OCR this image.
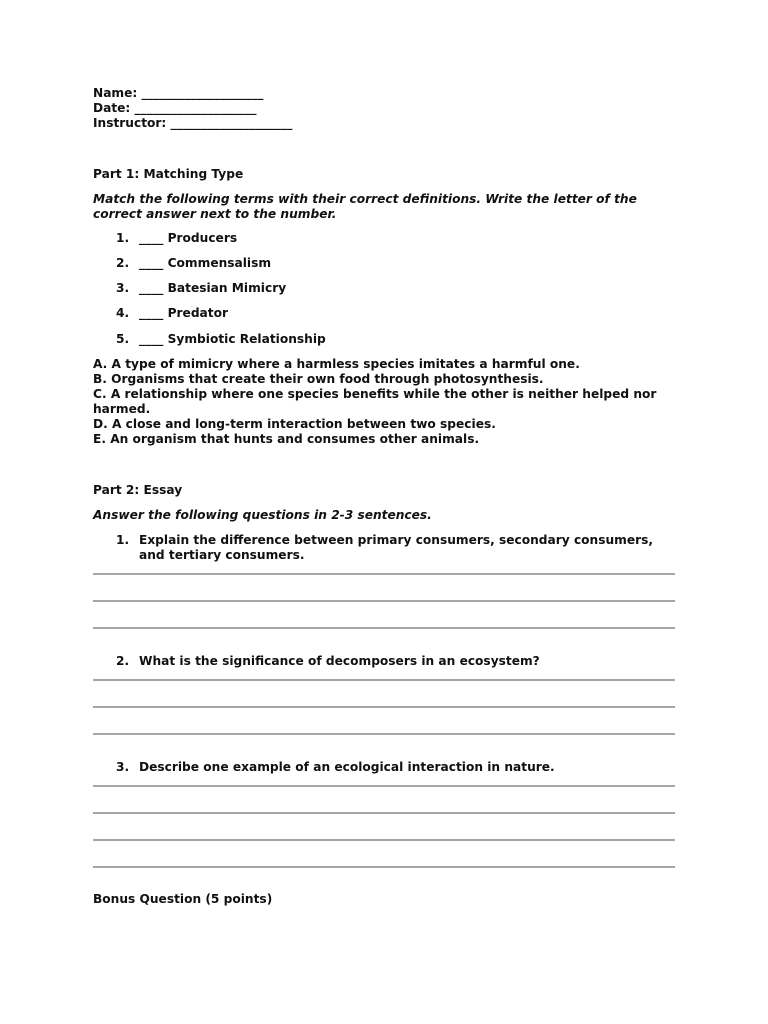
Name: ____________________
Date: ____________________
Instructor: ____________________
Part 1: Matching Type
Match the following terms with their correct definitions. Write the letter of the correct answer next to the number.
1. ____ Producers
2. ____ Commensalism
3. ____ Batesian Mimicry
4. ____ Predator
5. ____ Symbiotic Relationship
A. A type of mimicry where a harmless species imitates a harmful one.
B. Organisms that create their own food through photosynthesis.
C. A relationship where one species benefits while the other is neither helped nor harmed.
D. A close and long-term interaction between two species.
E. An organism that hunts and consumes other animals.
Part 2: Essay
Answer the following questions in 2-3 sentences.
1. Explain the difference between primary consumers, secondary consumers, and tertiary consumers.
2. What is the significance of decomposers in an ecosystem?
3. Describe one example of an ecological interaction in nature.
Bonus Question (5 points)
